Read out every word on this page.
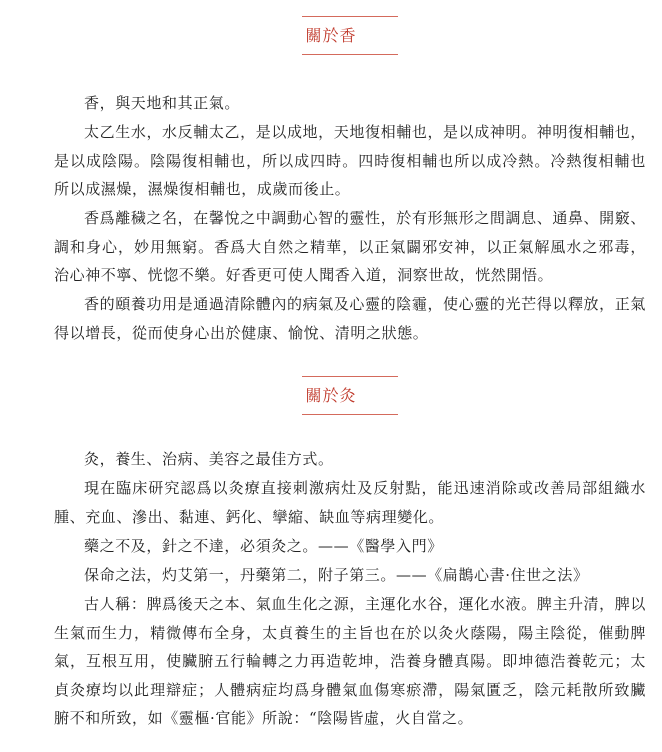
關於香

香，與天地和其正氣。

太乙生水，水反輔太乙，是以成地，天地復相輔也，是以成神明。神明復相輔也，是以成陰陽。陰陽復相輔也，所以成四時。四時復相輔也所以成冷熱。冷熱復相輔也所以成濕燥，濕燥復相輔也，成歲而後止。

香爲離穢之名，在馨悅之中調動心智的靈性，於有形無形之間調息、通鼻、開竅、調和身心，妙用無窮。香爲大自然之精華，以正氣闢邪安神，以正氣解風水之邪毒，治心神不寧、恍惚不樂。好香更可使人聞香入道，洞察世故，恍然開悟。

香的頤養功用是通過清除體內的病氣及心靈的陰霾，使心靈的光芒得以釋放，正氣得以增長，從而使身心出於健康、愉悅、清明之狀態。

關於灸

灸，養生、治病、美容之最佳方式。

現在臨床研究認爲以灸療直接刺激病灶及反射點，能迅速消除或改善局部組織水腫、充血、滲出、黏連、鈣化、攣縮、缺血等病理變化。

藥之不及，針之不達，必須灸之。——《醫學入門》

保命之法，灼艾第一，丹藥第二，附子第三。——《扁鵲心書·住世之法》

古人稱：脾爲後天之本、氣血生化之源，主運化水谷，運化水液。脾主升清，脾以生氣而生力，精微傳布全身，太貞養生的主旨也在於以灸火蔭陽，陽主陰從，催動脾氣，互根互用，使臟腑五行輪轉之力再造乾坤，浩養身體真陽。即坤德浩養乾元；太貞灸療均以此理辯症；人體病症均爲身體氣血傷寒瘀滯，陽氣匱乏，陰元耗散所致臟腑不和所致，如《靈樞·官能》所說：“陰陽皆虛，火自當之。
